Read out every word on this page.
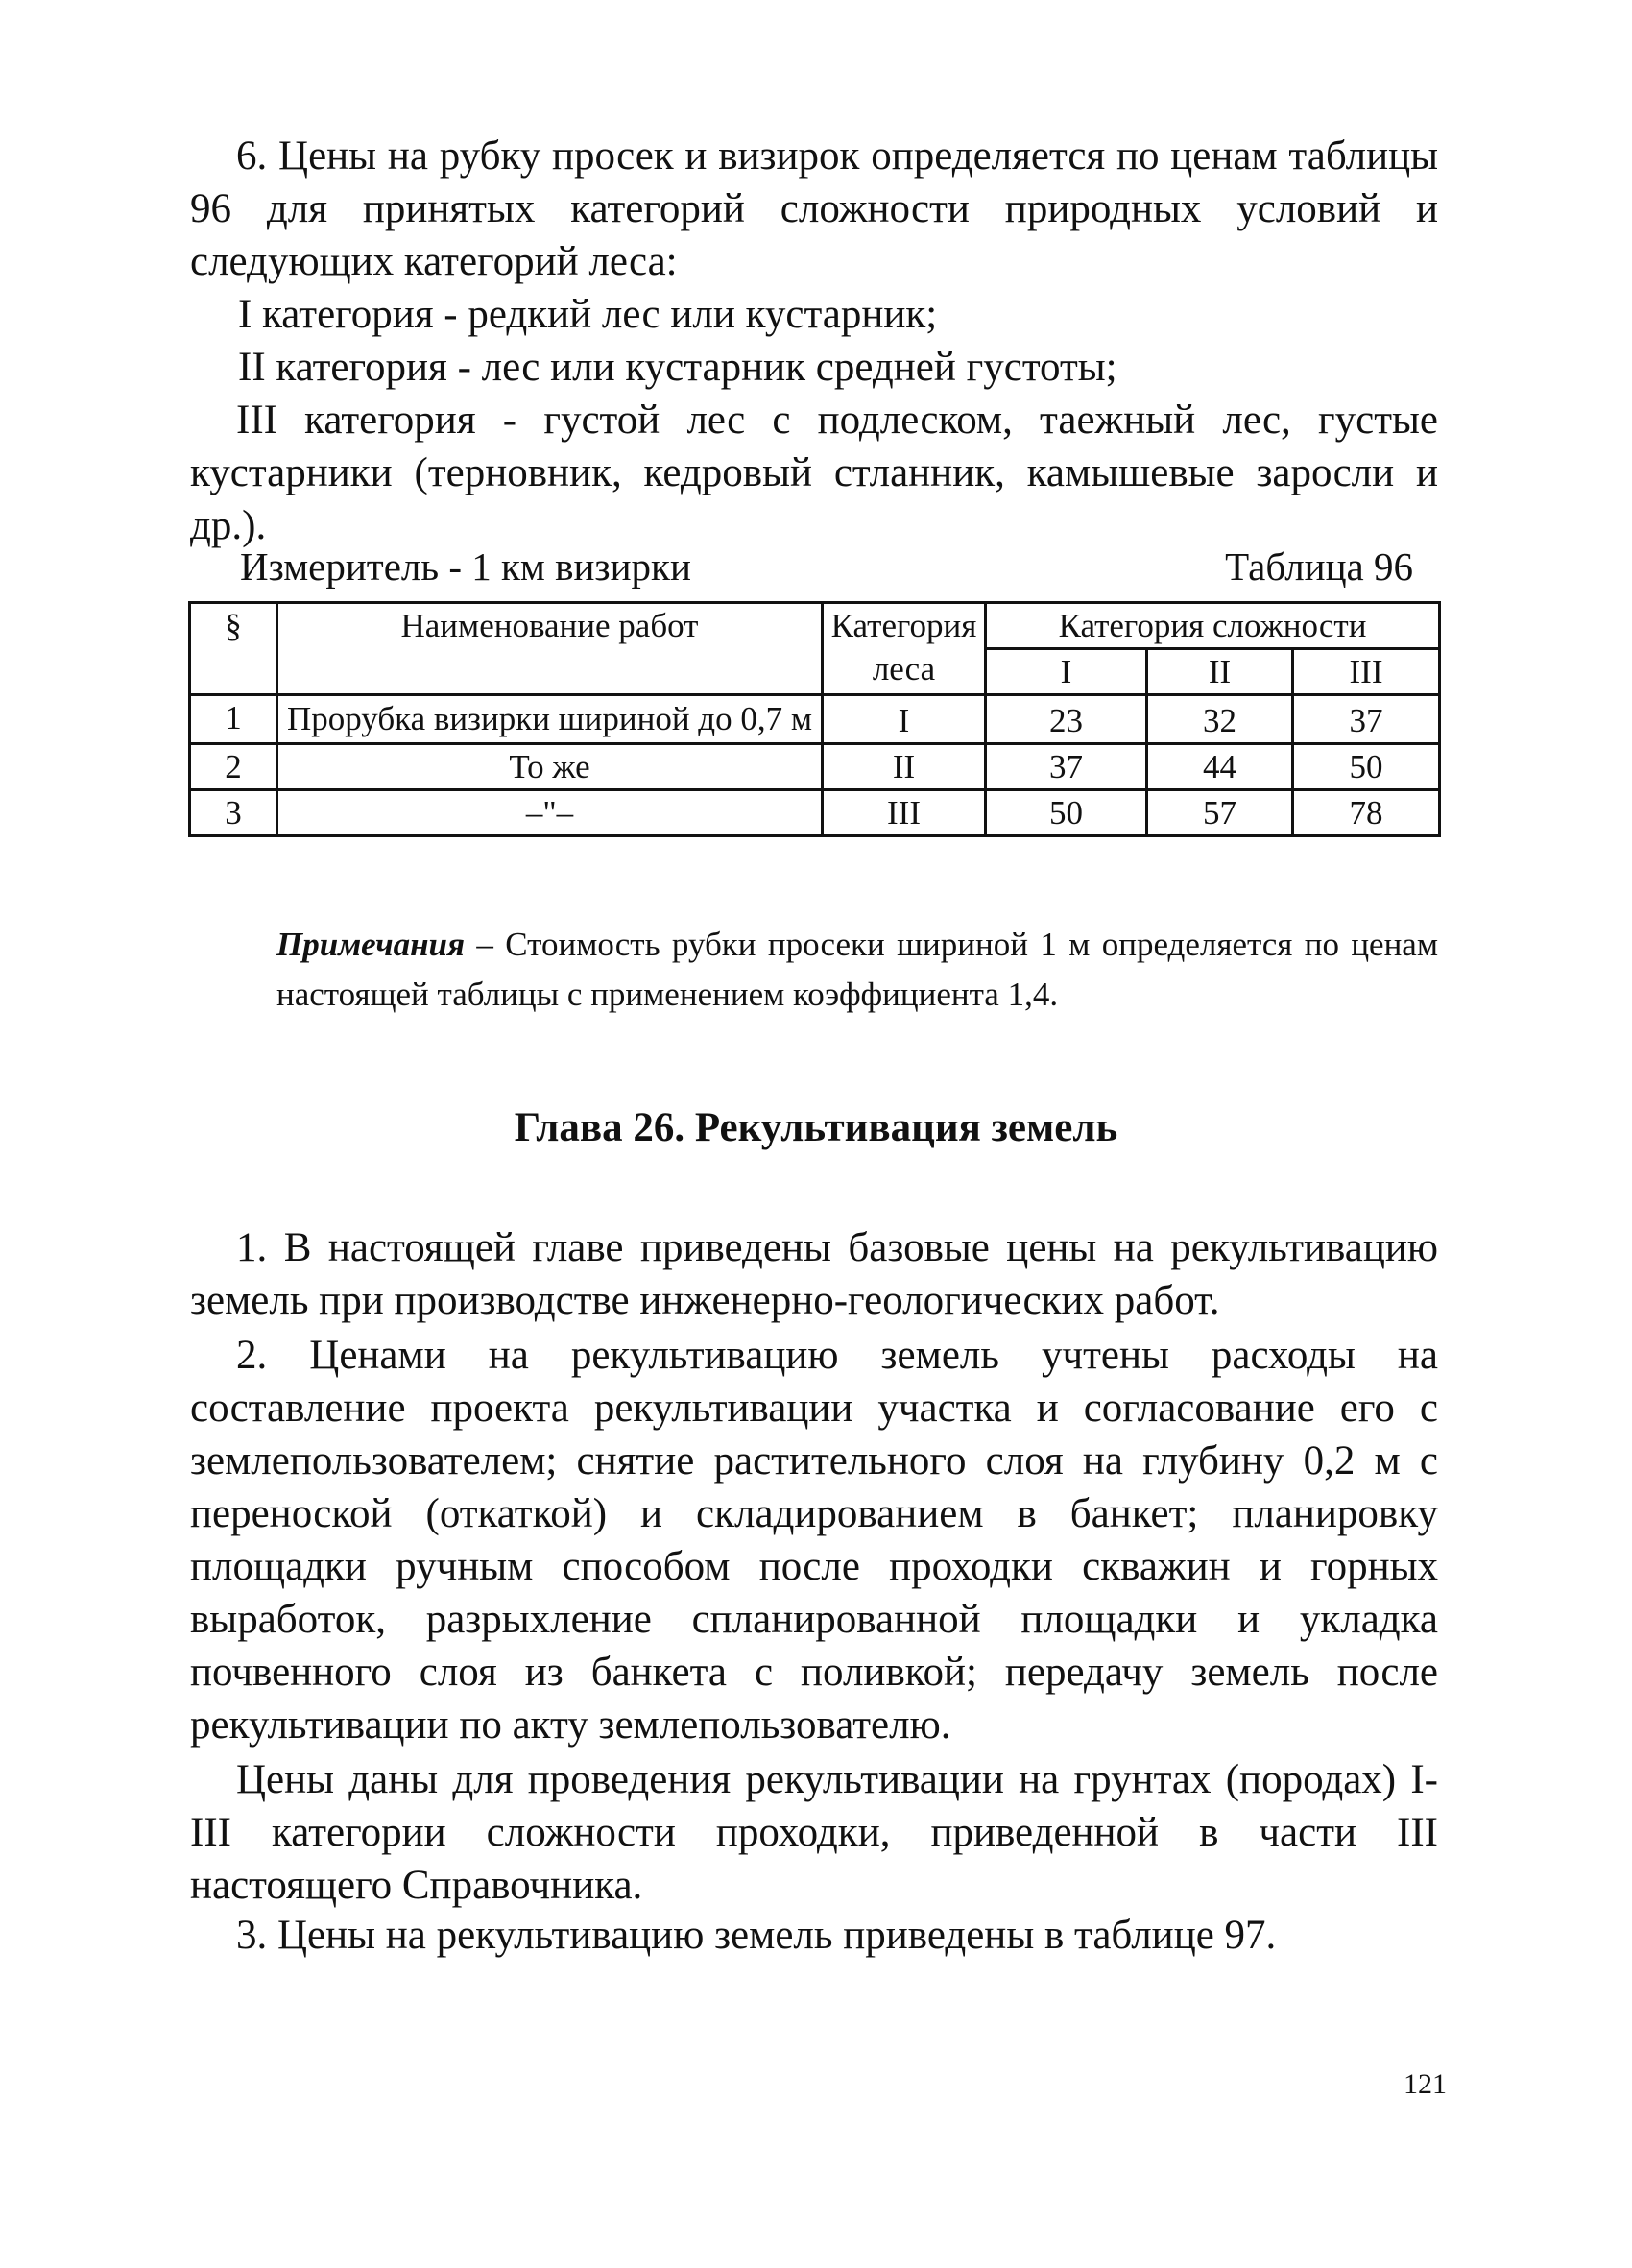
6. Цены на рубку просек и визирок определяется по ценам таблицы 96 для принятых категорий сложности природных условий и следующих категорий леса:

I категория - редкий лес или кустарник;

II категория - лес или кустарник средней густоты;

III категория - густой лес с подлеском, таежный лес, густые кустарники (терновник, кедровый стланник, камышевые заросли и др.).

Измеритель - 1 км визирки	Таблица 96
§	Наименование работ	Категория леса	Категория сложности		
			I	II	III
1	Прорубка визирки шириной до 0,7 м	I	23	32	37
2	То же	II	37	44	50
3	–"–	III	50	57	78

Примечания – Стоимость рубки просеки шириной 1 м определяется по ценам настоящей таблицы с применением коэффициента 1,4.

Глава 26. Рекультивация земель

1. В настоящей главе приведены базовые цены на рекультивацию земель при производстве инженерно-геологических работ.

2. Ценами на рекультивацию земель учтены расходы на составление проекта рекультивации участка и согласование его с землепользователем; снятие растительного слоя на глубину 0,2 м с переноской (откаткой) и складированием в банкет; планировку площадки ручным способом после проходки скважин и горных выработок, разрыхление спланированной площадки и укладка почвенного слоя из банкета с поливкой; передачу земель после рекультивации по акту землепользователю.

Цены даны для проведения рекультивации на грунтах (породах) I-III категории сложности проходки, приведенной в части III настоящего Справочника.

3. Цены на рекультивацию земель приведены в таблице 97.

121
